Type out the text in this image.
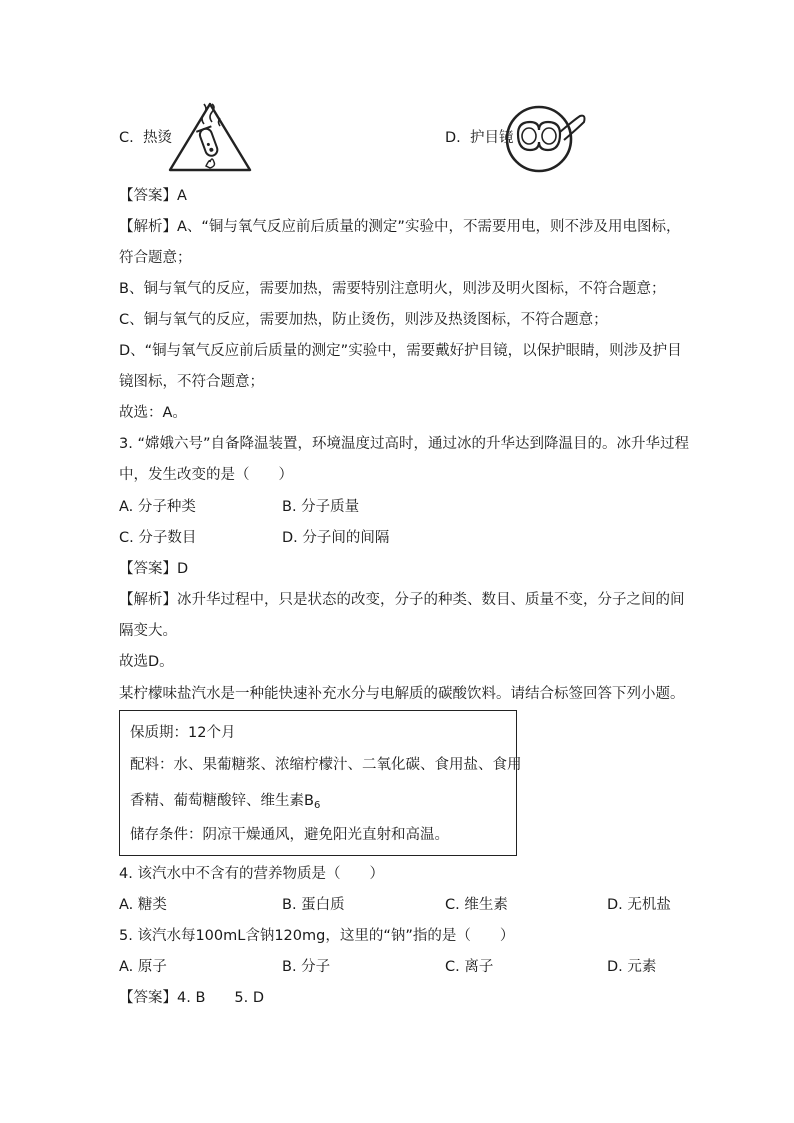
C. 热烫	D. 护目镜
【答案】A
【解析】A、“铜与氧气反应前后质量的测定”实验中，不需要用电，则不涉及用电图标，
符合题意；
B、铜与氧气的反应，需要加热，需要特别注意明火，则涉及明火图标，不符合题意；
C、铜与氧气的反应，需要加热，防止烫伤，则涉及热烫图标，不符合题意；
D、“铜与氧气反应前后质量的测定”实验中，需要戴好护目镜，以保护眼睛，则涉及护目
镜图标，不符合题意；
故选：A。
3. “嫦娥六号”自备降温装置，环境温度过高时，通过冰的升华达到降温目的。冰升华过程
中，发生改变的是（　　）
A. 分子种类	B. 分子质量
C. 分子数目	D. 分子间的间隔
【答案】D
【解析】冰升华过程中，只是状态的改变，分子的种类、数目、质量不变，分子之间的间
隔变大。
故选D。
某柠檬味盐汽水是一种能快速补充水分与电解质的碳酸饮料。请结合标签回答下列小题。
保质期：12个月
配料：水、果葡糖浆、浓缩柠檬汁、二氧化碳、食用盐、食用
香精、葡萄糖酸锌、维生素$B_6$
储存条件：阴凉干燥通风，避免阳光直射和高温。
4. 该汽水中不含有的营养物质是（　　）
A. 糖类	B. 蛋白质	C. 维生素	D. 无机盐
5. 该汽水每100mL含钠120mg，这里的“钠”指的是（　　）
A. 原子	B. 分子	C. 离子	D. 元素
【答案】4. B　　5. D
